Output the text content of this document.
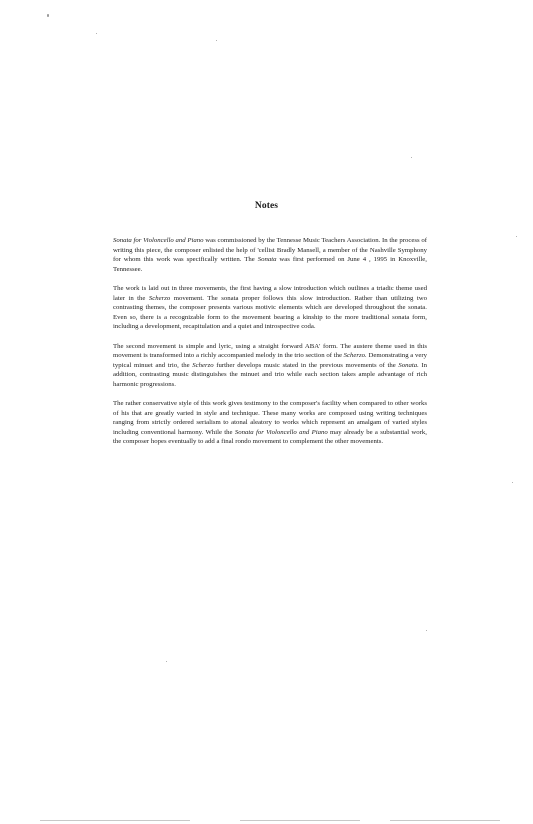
Notes

Sonata for Violoncello and Piano was commissioned by the Tennesse Music Teachers Association. In the process of writing this piece, the composer enlisted the help of 'cellist Bradly Mansell, a member of the Nashville Symphony for whom this work was specifically written. The Sonata was first performed on June 4 , 1995 in Knoxville, Tennessee.

The work is laid out in three movements, the first having a slow introduction which outlines a triadic theme used later in the Scherzo movement. The sonata proper follows this slow introduction. Rather than utilizing two contrasting themes, the composer presents various motivic elements which are developed throughout the sonata. Even so, there is a recognizable form to the movement bearing a kinship to the more traditional sonata form, including a development, recapitulation and a quiet and introspective coda.

The second movement is simple and lyric, using a straight forward ABA' form. The austere theme used in this movement is transformed into a richly accompanied melody in the trio section of the Scherzo. Demonstrating a very typical minuet and trio, the Scherzo further develops music stated in the previous movements of the Sonata. In addition, contrasting music distinguishes the minuet and trio while each section takes ample advantage of rich harmonic progressions.

The rather conservative style of this work gives testimony to the composer's facility when compared to other works of his that are greatly varied in style and technique. These many works are composed using writing techniques ranging from strictly ordered serialism to atonal aleatory to works which represent an amalgam of varied styles including conventional harmony. While the Sonata for Violoncello and Piano may already be a substantial work, the composer hopes eventually to add a final rondo movement to complement the other movements.
